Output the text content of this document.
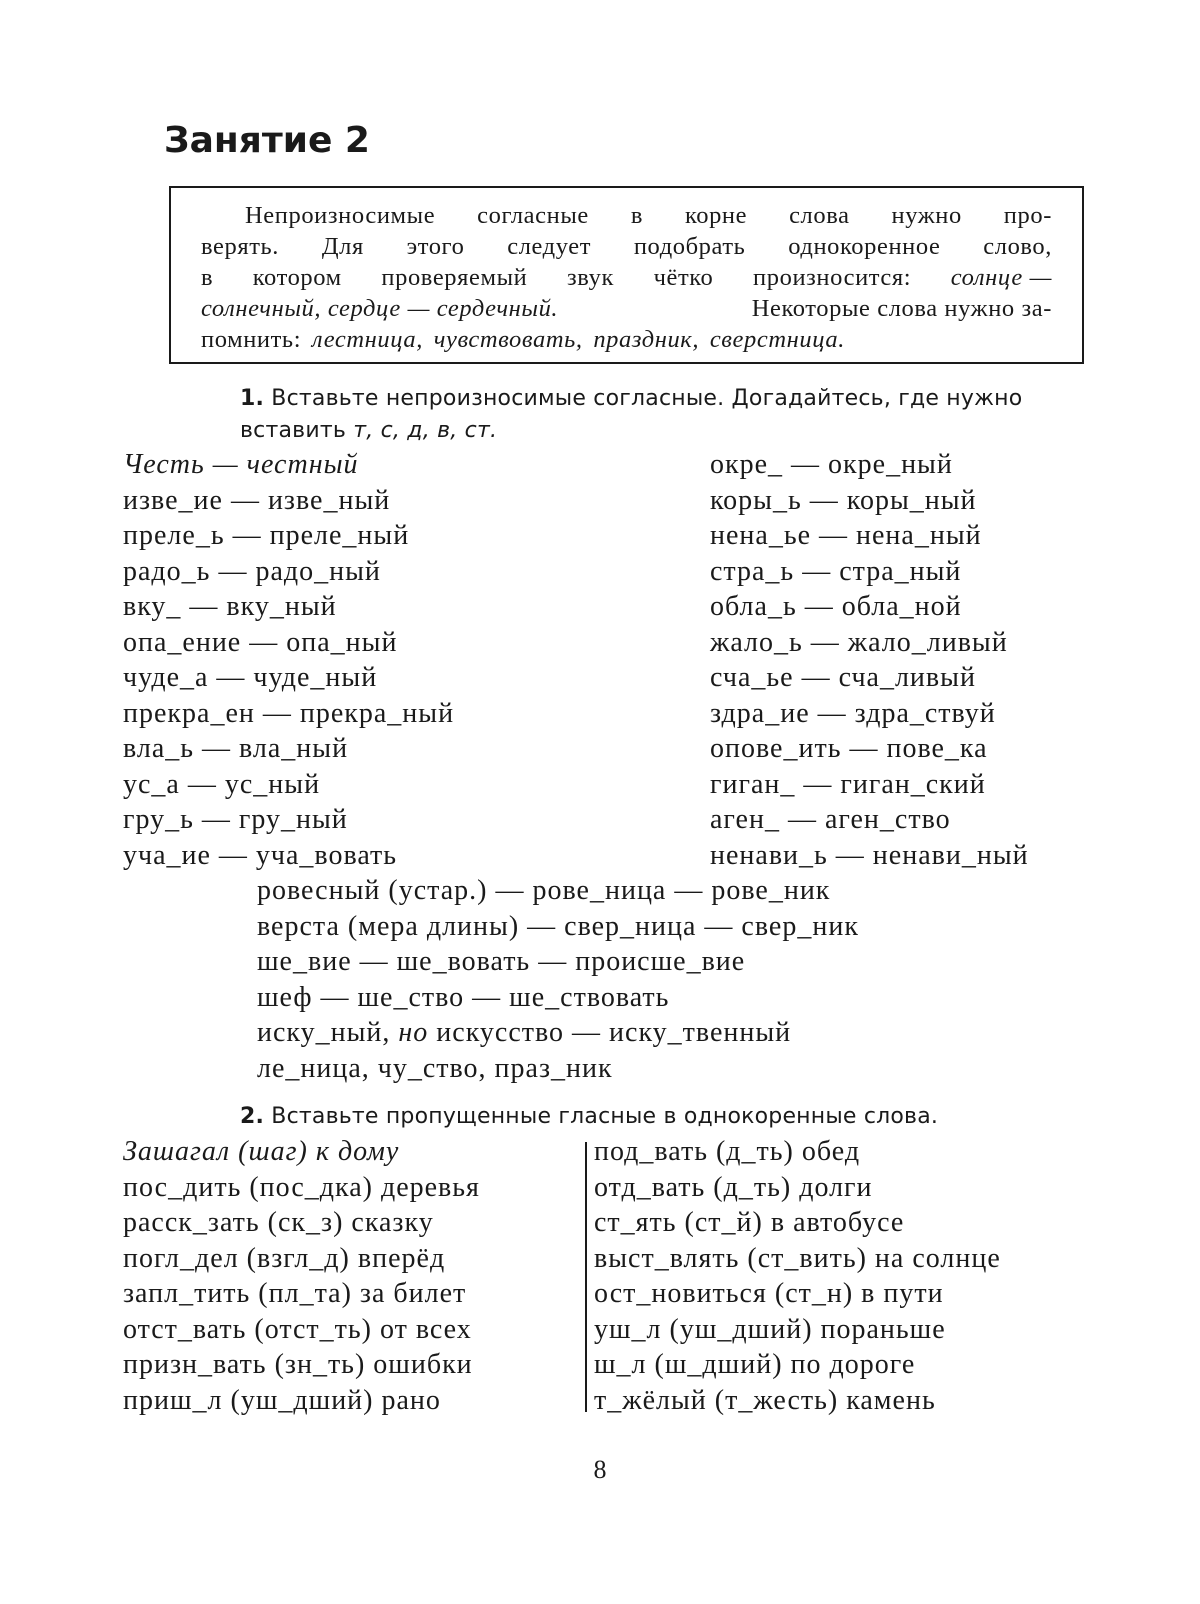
Занятие 2
Непроизносимые согласные в корне слова нужно про-
верять. Для этого следует подобрать однокоренное слово,
в котором проверяемый звук чётко произносится: солнце —
солнечный, сердце — сердечный.	Некоторые слова нужно за-
помнить:
лестница, чувствовать, праздник, сверстница.
1. Вставьте непроизносимые согласные. Догадайтесь, где нужно вставить т, с, д, в, ст.
Честь — честный
изве_ие — изве_ный
преле_ь — преле_ный
радо_ь — радо_ный
вку_ — вку_ный
опа_ение — опа_ный
чуде_а — чуде_ный
прекра_ен — прекра_ный
вла_ь — вла_ный
ус_а — ус_ный
гру_ь — гру_ный
уча_ие — уча_вовать
окре_ — окре_ный
коры_ь — коры_ный
нена_ье — нена_ный
стра_ь — стра_ный
обла_ь — обла_ной
жало_ь — жало_ливый
сча_ье — сча_ливый
здра_ие — здра_ствуй
опове_ить — пове_ка
гиган_ — гиган_ский
аген_ — аген_ство
ненави_ь — ненави_ный
ровесный (устар.) — рове_ница — рове_ник
верста (мера длины) — свер_ница — свер_ник
ше_вие — ше_вовать — происше_вие
шеф — ше_ство — ше_ствовать
иску_ный, но искусство — иску_твенный
ле_ница, чу_ство, праз_ник
2. Вставьте пропущенные гласные в однокоренные слова.
Зашагал (шаг) к дому
пос_дить (пос_дка) деревья
расск_зать (ск_з) сказку
погл_дел (взгл_д) вперёд
запл_тить (пл_та) за билет
отст_вать (отст_ть) от всех
призн_вать (зн_ть) ошибки
приш_л (уш_дший) рано
под_вать (д_ть) обед
отд_вать (д_ть) долги
ст_ять (ст_й) в автобусе
выст_влять (ст_вить) на солнце
ост_новиться (ст_н) в пути
уш_л (уш_дший) пораньше
ш_л (ш_дший) по дороге
т_жёлый (т_жесть) камень
8
